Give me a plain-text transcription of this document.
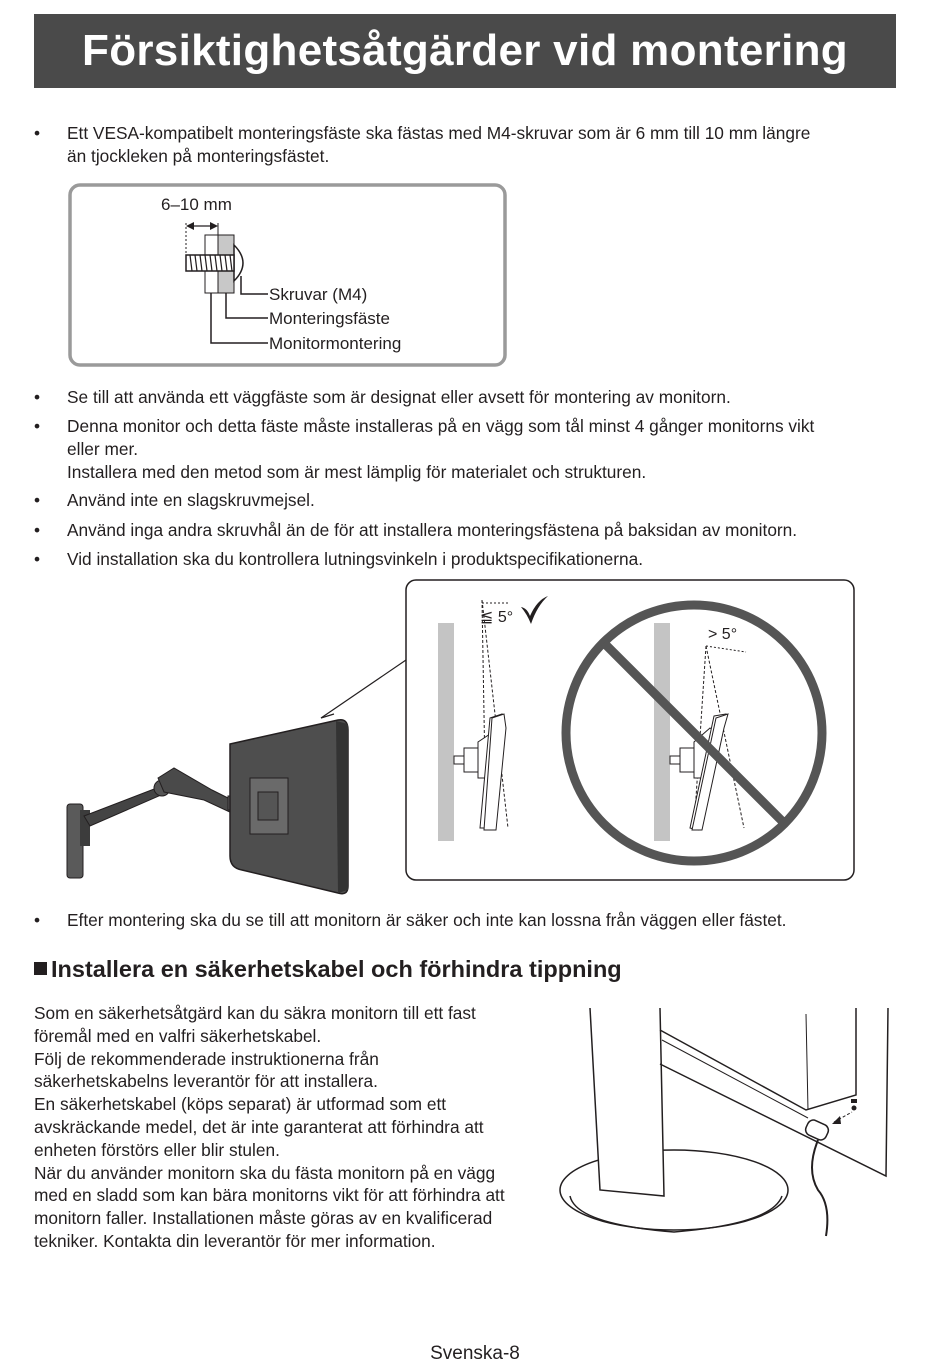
Försiktighetsåtgärder vid montering
•	Ett VESA-kompatibelt monteringsfäste ska fästas med M4-skruvar som är 6 mm till 10 mm längre
än tjockleken på monteringsfästet.
6–10 mm
Skruvar (M4)
Monteringsfäste
Monitormontering
•	Se till att använda ett väggfäste som är designat eller avsett för montering av monitorn.
•	Denna monitor och detta fäste måste installeras på en vägg som tål minst 4 gånger monitorns vikt
eller mer.
Installera med den metod som är mest lämplig för materialet och strukturen.
•	Använd inte en slagskruvmejsel.
•	Använd inga andra skruvhål än de för att installera monteringsfästena på baksidan av monitorn.
•	Vid installation ska du kontrollera lutningsvinkeln i produktspecifikationerna.
≦ 5°
> 5°
•	Efter montering ska du se till att monitorn är säker och inte kan lossna från väggen eller fästet.
Installera en säkerhetskabel och förhindra tippning
Som en säkerhetsåtgärd kan du säkra monitorn till ett fast
föremål med en valfri säkerhetskabel.
Följ de rekommenderade instruktionerna från
säkerhetskabelns leverantör för att installera.
En säkerhetskabel (köps separat) är utformad som ett
avskräckande medel, det är inte garanterat att förhindra att
enheten förstörs eller blir stulen.
När du använder monitorn ska du fästa monitorn på en vägg
med en sladd som kan bära monitorns vikt för att förhindra att
monitorn faller. Installationen måste göras av en kvalificerad
tekniker. Kontakta din leverantör för mer information.
Svenska-8
